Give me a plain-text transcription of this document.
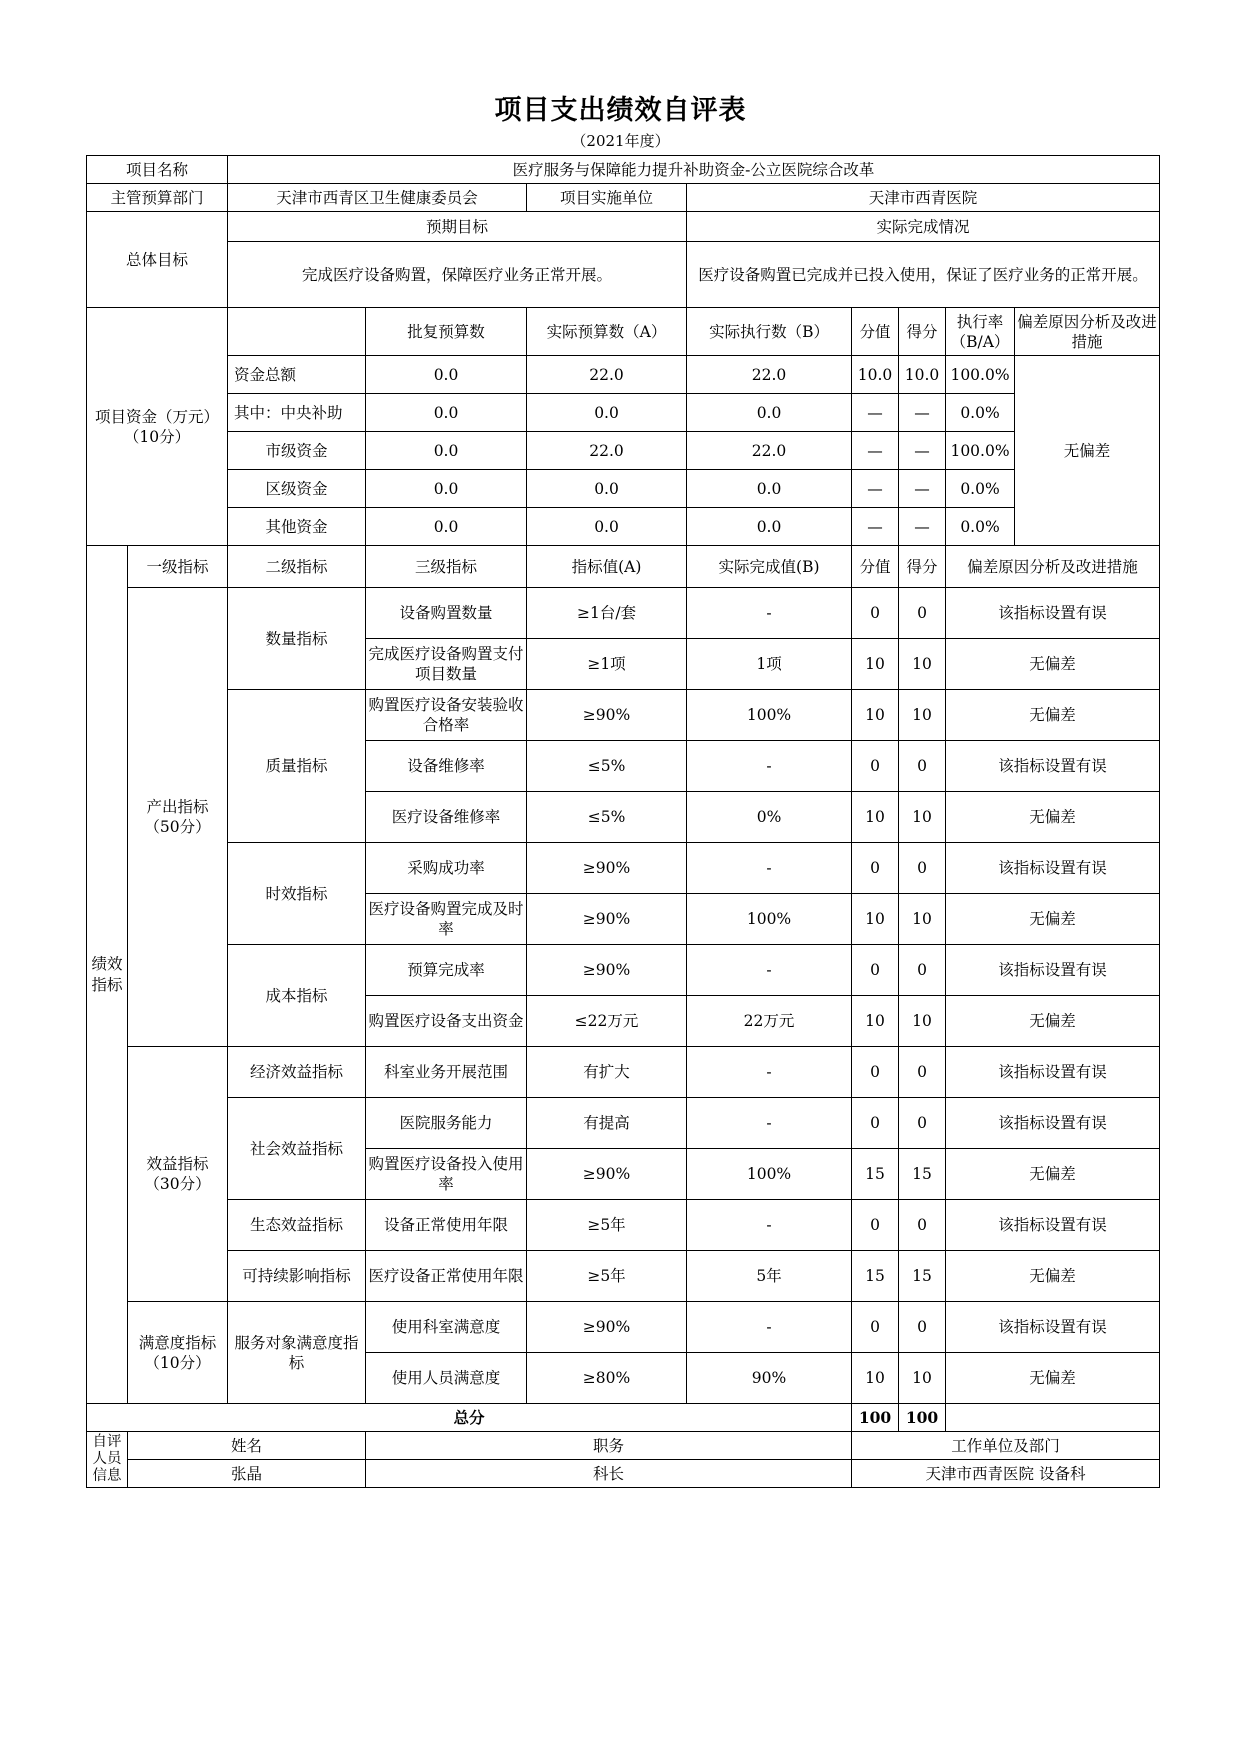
项目支出绩效自评表
（2021年度）
项目名称		医疗服务与保障能力提升补助资金-公立医院综合改革							
主管预算部门		天津市西青区卫生健康委员会		项目实施单位	天津市西青医院				
总体目标		预期目标			实际完成情况				
		完成医疗设备购置，保障医疗业务正常开展。			医疗设备购置已完成并已投入使用，保证了医疗业务的正常开展。				
项目资金（万元）（10分）			批复预算数	实际预算数（A）	实际执行数（B）	分值	得分	执行率（B/A）	偏差原因分析及改进措施
		资金总额	0.0	22.0	22.0	10.0	10.0	100.0%	无偏差
		其中：中央补助	0.0	0.0	0.0	—	—	0.0%	
		市级资金	0.0	22.0	22.0	—	—	100.0%	
		区级资金	0.0	0.0	0.0	—	—	0.0%	
		其他资金	0.0	0.0	0.0	—	—	0.0%	
绩效指标	一级指标	二级指标	三级指标	指标值(A)	实际完成值(B)	分值	得分	偏差原因分析及改进措施	
	产出指标（50分）	数量指标	设备购置数量	≥1台/套	-	0	0	该指标设置有误	
			完成医疗设备购置支付项目数量	≥1项	1项	10	10	无偏差	
		质量指标	购置医疗设备安装验收合格率	≥90%	100%	10	10	无偏差	
			设备维修率	≤5%	-	0	0	该指标设置有误	
			医疗设备维修率	≤5%	0%	10	10	无偏差	
		时效指标	采购成功率	≥90%	-	0	0	该指标设置有误	
			医疗设备购置完成及时率	≥90%	100%	10	10	无偏差	
		成本指标	预算完成率	≥90%	-	0	0	该指标设置有误	
			购置医疗设备支出资金	≤22万元	22万元	10	10	无偏差	
	效益指标（30分）	经济效益指标	科室业务开展范围	有扩大	-	0	0	该指标设置有误	
		社会效益指标	医院服务能力	有提高	-	0	0	该指标设置有误	
			购置医疗设备投入使用率	≥90%	100%	15	15	无偏差	
		生态效益指标	设备正常使用年限	≥5年	-	0	0	该指标设置有误	
		可持续影响指标	医疗设备正常使用年限	≥5年	5年	15	15	无偏差	
	满意度指标（10分）	服务对象满意度指标	使用科室满意度	≥90%	-	0	0	该指标设置有误	
			使用人员满意度	≥80%	90%	10	10	无偏差	
总分						100	100		
自评人员信息	姓名		职务			工作单位及部门			
	张晶		科长			天津市西青医院 设备科			
